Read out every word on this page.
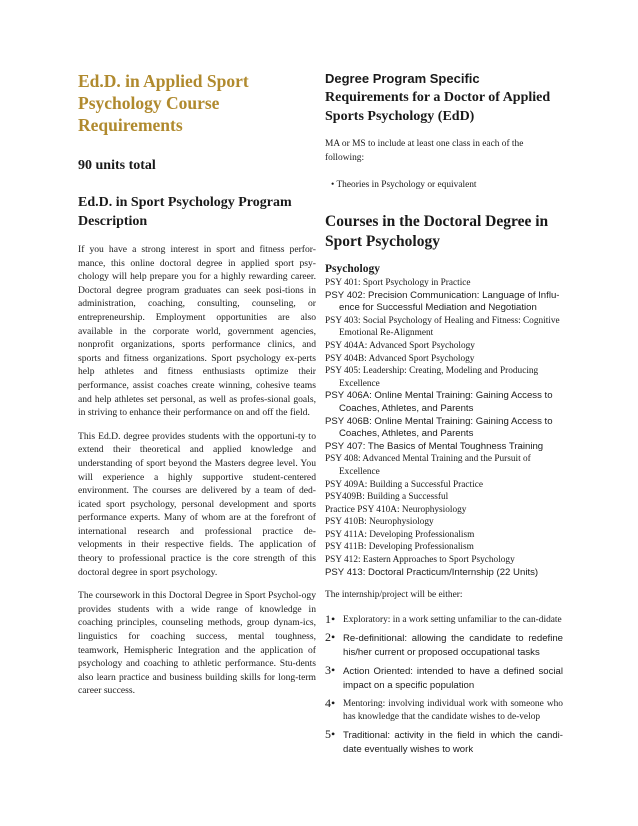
Ed.D. in Applied Sport Psychology Course Requirements
90 units total
Ed.D. in Sport Psychology Program Description

If you have a strong interest in sport and fitness perfor-mance, this online doctoral degree in applied sport psy-chology will help prepare you for a highly rewarding career. Doctoral degree program graduates can seek posi-tions in administration, coaching, consulting, counseling, or entrepreneurship. Employment opportunities are also available in the corporate world, government agencies, nonprofit organizations, sports performance clinics, and sports and fitness organizations. Sport psychology ex-perts help athletes and fitness enthusiasts optimize their performance, assist coaches create winning, cohesive teams and help athletes set personal, as well as profes-sional goals, in striving to enhance their performance on and off the field.

This Ed.D. degree provides students with the opportuni-ty to extend their theoretical and applied knowledge and understanding of sport beyond the Masters degree level. You will experience a highly supportive student-centered environment. The courses are delivered by a team of ded-icated sport psychology, personal development and sports performance experts. Many of whom are at the forefront of international research and professional practice de-velopments in their respective fields. The application of theory to professional practice is the core strength of this doctoral degree in sport psychology.

The coursework in this Doctoral Degree in Sport Psychol-ogy provides students with a wide range of knowledge in coaching principles, counseling methods, group dynam-ics, linguistics for coaching success, mental toughness, teamwork, Hemispheric Integration and the application of psychology and coaching to athletic performance. Stu-dents also learn practice and business building skills for long-term career success.

Degree Program Specific
Requirements for a Doctor of Applied Sports Psychology (EdD)
MA or MS to include at least one class in each of the following:
• Theories in Psychology or equivalent
Courses in the Doctoral Degree in Sport Psychology
Psychology
PSY 401: Sport Psychology in Practice
PSY 402: Precision Communication: Language of Influ-ence for Successful Mediation and Negotiation
PSY 403: Social Psychology of Healing and Fitness: Cognitive Emotional Re-Alignment
PSY 404A: Advanced Sport Psychology
PSY 404B: Advanced Sport Psychology
PSY 405: Leadership: Creating, Modeling and Producing Excellence
PSY 406A: Online Mental Training: Gaining Access to Coaches, Athletes, and Parents
PSY 406B: Online Mental Training: Gaining Access to Coaches, Athletes, and Parents
PSY 407: The Basics of Mental Toughness Training
PSY 408: Advanced Mental Training and the Pursuit of Excellence
PSY 409A: Building a Successful Practice
PSY409B: Building a Successful
Practice PSY 410A: Neurophysiology
PSY 410B: Neurophysiology
PSY 411A: Developing Professionalism
PSY 411B: Developing Professionalism
PSY 412: Eastern Approaches to Sport Psychology
PSY 413: Doctoral Practicum/Internship (22 Units)
The internship/project will be either:
1• Exploratory: in a work setting unfamiliar to the can-didate
2• Re-definitional: allowing the candidate to redefine his/her current or proposed occupational tasks
3• Action Oriented: intended to have a defined social impact on a specific population
4• Mentoring: involving individual work with someone who has knowledge that the candidate wishes to de-velop
5• Traditional: activity in the field in which the candi-date eventually wishes to work
